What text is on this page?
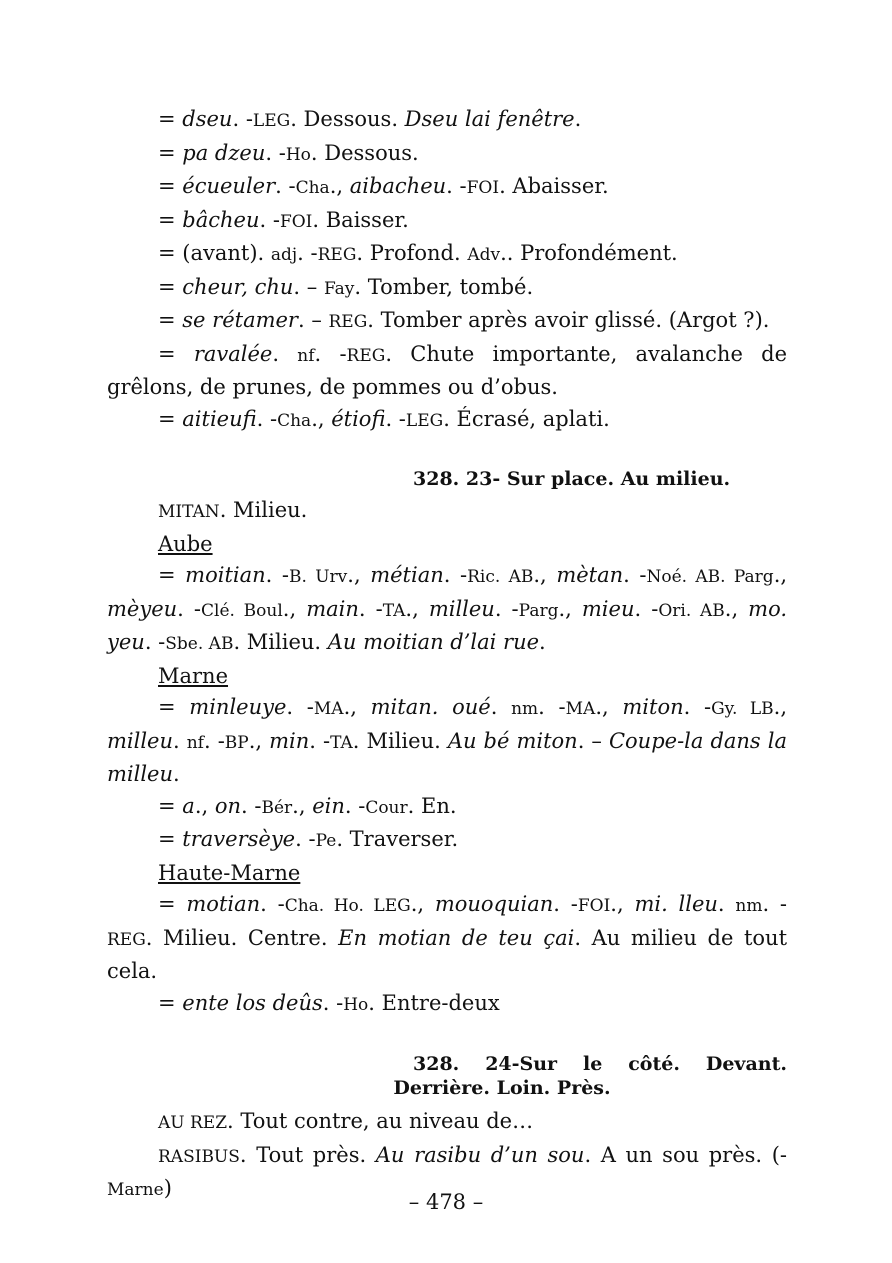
= dseu. -LEG. Dessous. Dseu lai fenêtre.

= pa dzeu. -Ho. Dessous.

= écueuler. -Cha., aibacheu. -FOI. Abaisser.

= bâcheu. -FOI. Baisser.

= (avant). adj. -REG. Profond. Adv.. Profondément.

= cheur, chu. – Fay. Tomber, tombé.

= se rétamer. – REG. Tomber après avoir glissé. (Argot ?).

= ravalée. nf. -REG. Chute importante, avalanche de grêlons, de prunes, de pommes ou d’obus.

= aitieufi. -Cha., étiofi. -LEG. Écrasé, aplati.

328. 23- Sur place. Au milieu.

MITAN. Milieu.

Aube

= moitian. -B. Urv., métian. -Ric. AB., mètan. -Noé. AB. Parg., mèyeu. -Clé. Boul., main. -TA., milleu. -Parg., mieu. -Ori. AB., mo. yeu. -Sbe. AB. Milieu. Au moitian d’lai rue.

Marne

= minleuye. -MA., mitan. oué. nm. -MA., miton. -Gy. LB., milleu. nf. -BP., min. -TA. Milieu. Au bé miton. – Coupe-la dans la milleu.

= a., on. -Bér., ein. -Cour. En.

= traversèye. -Pe. Traverser.

Haute-Marne

= motian. -Cha. Ho. LEG., mouoquian. -FOI., mi. lleu. nm. -REG. Milieu. Centre. En motian de teu çai. Au milieu de tout cela.

= ente los deûs. -Ho. Entre-deux

328. 24-Sur le côté. Devant.

Derrière. Loin. Près.

AU REZ. Tout contre, au niveau de…

RASIBUS. Tout près. Au rasibu d’un sou. A un sou près. (-Marne)

– 478 –
